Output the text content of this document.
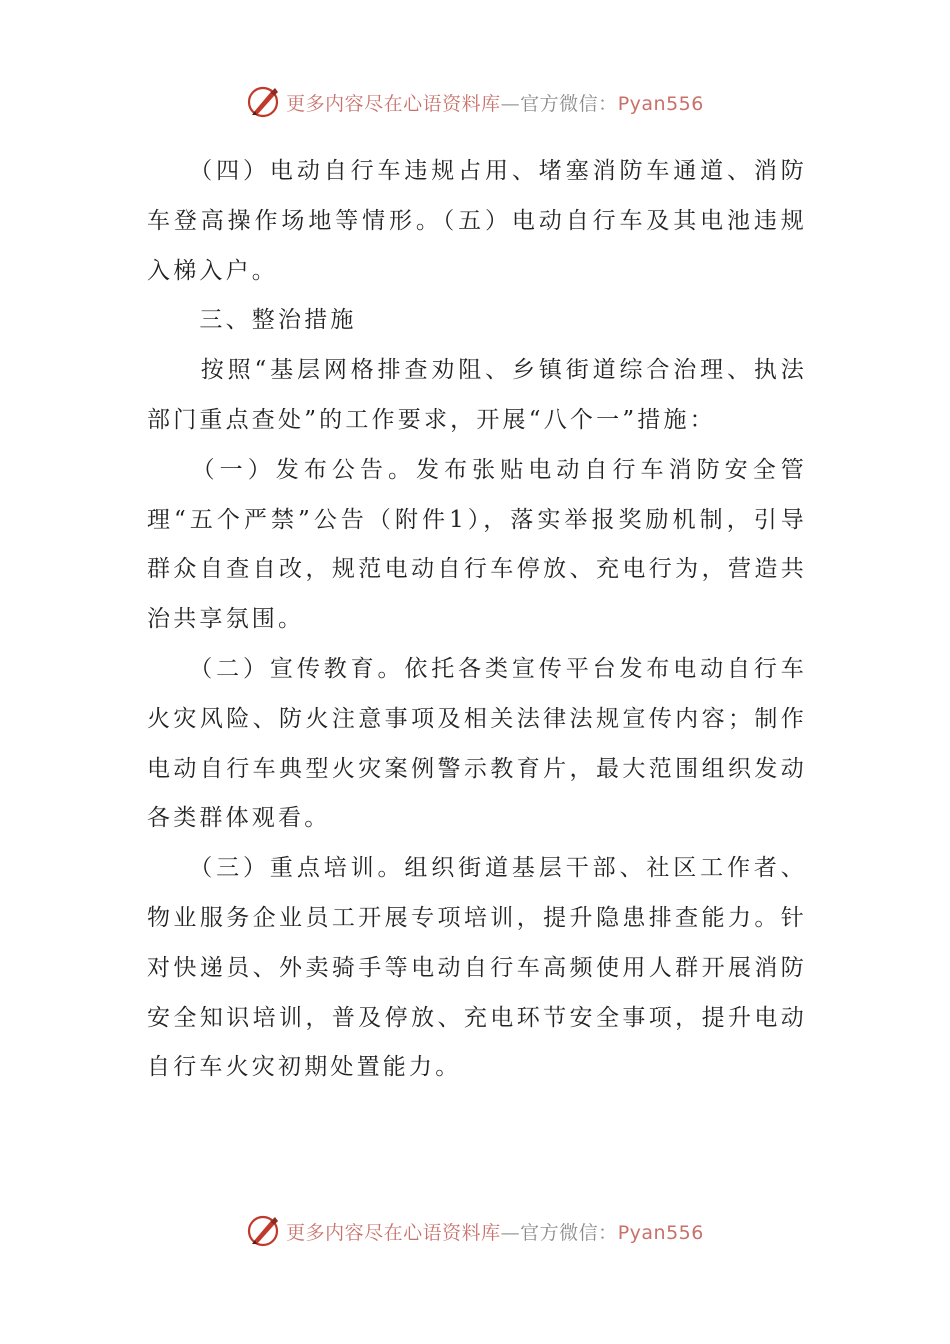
更多内容尽在心语资料库—官方微信：Pyan556

　　（四）电动自行车违规占用、堵塞消防车通道、消防车登高操作场地等情形。（五）电动自行车及其电池违规入梯入户。

　　三、整治措施

　　按照“基层网格排查劝阻、乡镇街道综合治理、执法部门重点查处”的工作要求，开展“八个一”措施：

　　（一）发布公告。发布张贴电动自行车消防安全管理“五个严禁”公告（附件1），落实举报奖励机制，引导群众自查自改，规范电动自行车停放、充电行为，营造共治共享氛围。

　　（二）宣传教育。依托各类宣传平台发布电动自行车火灾风险、防火注意事项及相关法律法规宣传内容；制作电动自行车典型火灾案例警示教育片，最大范围组织发动各类群体观看。

　　（三）重点培训。组织街道基层干部、社区工作者、物业服务企业员工开展专项培训，提升隐患排查能力。针对快递员、外卖骑手等电动自行车高频使用人群开展消防安全知识培训，普及停放、充电环节安全事项，提升电动自行车火灾初期处置能力。

更多内容尽在心语资料库—官方微信：Pyan556
